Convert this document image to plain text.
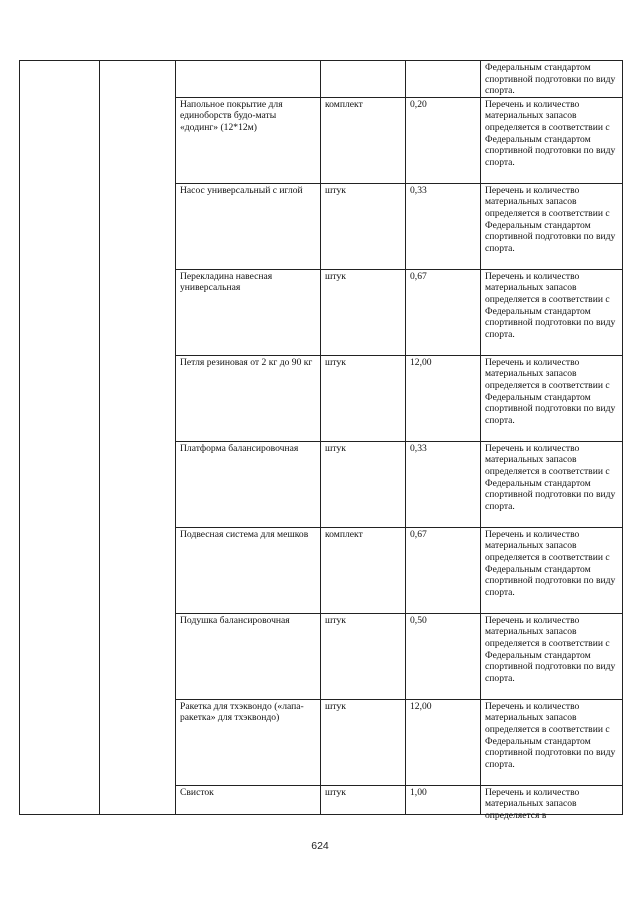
					Федеральным стандартом спортивной подготовки по виду спорта.

		Напольное покрытие для единоборств будо-маты «додинг» (12*12м)	комплект	0,20	Перечень и количество материальных запасов определяется в соответствии с Федеральным стандартом спортивной подготовки по виду спорта.

		Насос универсальный с иглой	штук	0,33	Перечень и количество материальных запасов определяется в соответствии с Федеральным стандартом спортивной подготовки по виду спорта.

		Перекладина навесная универсальная	штук	0,67	Перечень и количество материальных запасов определяется в соответствии с Федеральным стандартом спортивной подготовки по виду спорта.

		Петля резиновая от 2 кг до 90 кг	штук	12,00	Перечень и количество материальных запасов определяется в соответствии с Федеральным стандартом спортивной подготовки по виду спорта.

		Платформа балансировочная	штук	0,33	Перечень и количество материальных запасов определяется в соответствии с Федеральным стандартом спортивной подготовки по виду спорта.

		Подвесная система для мешков	комплект	0,67	Перечень и количество материальных запасов определяется в соответствии с Федеральным стандартом спортивной подготовки по виду спорта.

		Подушка балансировочная	штук	0,50	Перечень и количество материальных запасов определяется в соответствии с Федеральным стандартом спортивной подготовки по виду спорта.

		Ракетка для тхэквондо («лапа-ракетка» для тхэквондо)	штук	12,00	Перечень и количество материальных запасов определяется в соответствии с Федеральным стандартом спортивной подготовки по виду спорта.

		Свисток	штук	1,00	Перечень и количество материальных запасов определяется в
624
